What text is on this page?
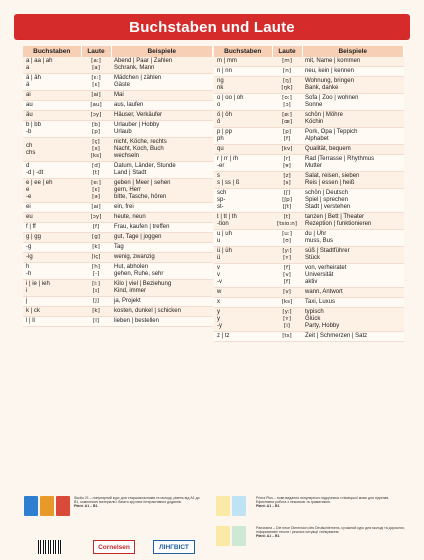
Buchstaben und Laute
Buchstaben	Laute	Beispiele

a | aa | ah
a	[a:]
[a]	Abend | Paar | Zahlen
Schrank, Mann

ä | äh
ä	[ɛ:]
[ɛ]	Mädchen | zählen
Gäste

ai	[ai]	Mai

au	[au]	aus, laufen

äu	[ɔy]	Häuser, Verkäufer

b | bb
-b	[b]
[p]	Urlauber | Hobby
Urlaub

ch
chs	[ç]
[x]
[ks]	nicht, Köche, rechts
Nacht, Koch, Buch
wechseln

d
-d | -dt	[d]
[t]	Datum, Länder, Stunde
Land | Stadt

e | ee | eh
e
-e	[e:]
[ɛ]
[ə]	geben | Meer | sehen
gern, Herr
bitte, Tasche, hören

ei	[ai]	ein, frei

eu	[ɔy]	heute, neun

f | ff	[f]	Frau, kaufen | treffen

g | gg	[g]	gut, Tage | joggen

-g	[k]	Tag

-ig	[iç]	wenig, zwanzig

h
-h	[h]
[-]	Hut, abholen
gehen, Ruhe, sehr

i | ie | ieh
i	[i:]
[ɪ]	Kilo | viel | Beziehung
Kind, immer

j	[j]	ja, Projekt

k | ck	[k]	kosten, dunkel | schicken

l | ll	[l]	lieben | bestellen
Buchstaben	Laute	Beispiele

m | mm	[m]	mit, Name | kommen

n | nn	[n]	neu, kein | kennen

ng
nk	[ŋ]
[ŋk]	Wohnung, bringen
Bank, danke

o | oo | oh
o	[o:]
[ɔ]	Sofa | Zoo | wohnen
Sonne

ö | öh
ö	[ø:]
[œ]	schön | Möhre
Köchin

p | pp
ph	[p]
[f]	Pork, Opa | Teppich
Alphabet

qu	[kv]	Qualität, bequem

r | rr | rh
-er	[r]
[ɐ]	Rad |Terrasse | Rhythmus
Mutter

s
s | ss | ß	[z]
[s]	Salat, reisen, sieben
Reis | essen | heiß

sch
sp-
st-	[ʃ]
[ʃp]
[ʃt]	schön | Deutsch
Spiel | sprechen
Stadt | verstehen

t | tt | th
-tion	[t]
[tsio:n]	tanzen | Bett | Theater
Rezeption | funktionieren

u | uh
u	[u:]
[ʊ]	du | Uhr
muss, Bus

ü | üh
ü	[y:]
[ʏ]	süß | Stadtführer
Stück

v
v
-v	[f]
[v]
[f]	von, verheiratet
Universität
aktiv

w	[v]	wann, Antwort

x	[ks]	Taxi, Luxus

y
y
-y	[y:]
[ʏ]
[i]	typisch
Glück
Party, Hobby

z | tz	[ts]	Zeit | Schmerzen | Satz
Studio 21 – популярний курс для старшокласників та молоді, рівень від A1 до B1, комплексні матеріали і багато зручних інтерактивних додатків.
Рівні: A1 – B1
Prima Plus – нове видання популярного підручника з німецької мови для підлітків. Ефективна робота з лексикою та граматикою.
Рівні: A1 – B1
Panorama – Die neue Dimension des Deutschlernens, сучасний курс для молоді та дорослих, інформативні тексти і реальні ситуації спілкування.
Рівні: A1 – B1
Cornelsen	ЛІНГВІСТ
